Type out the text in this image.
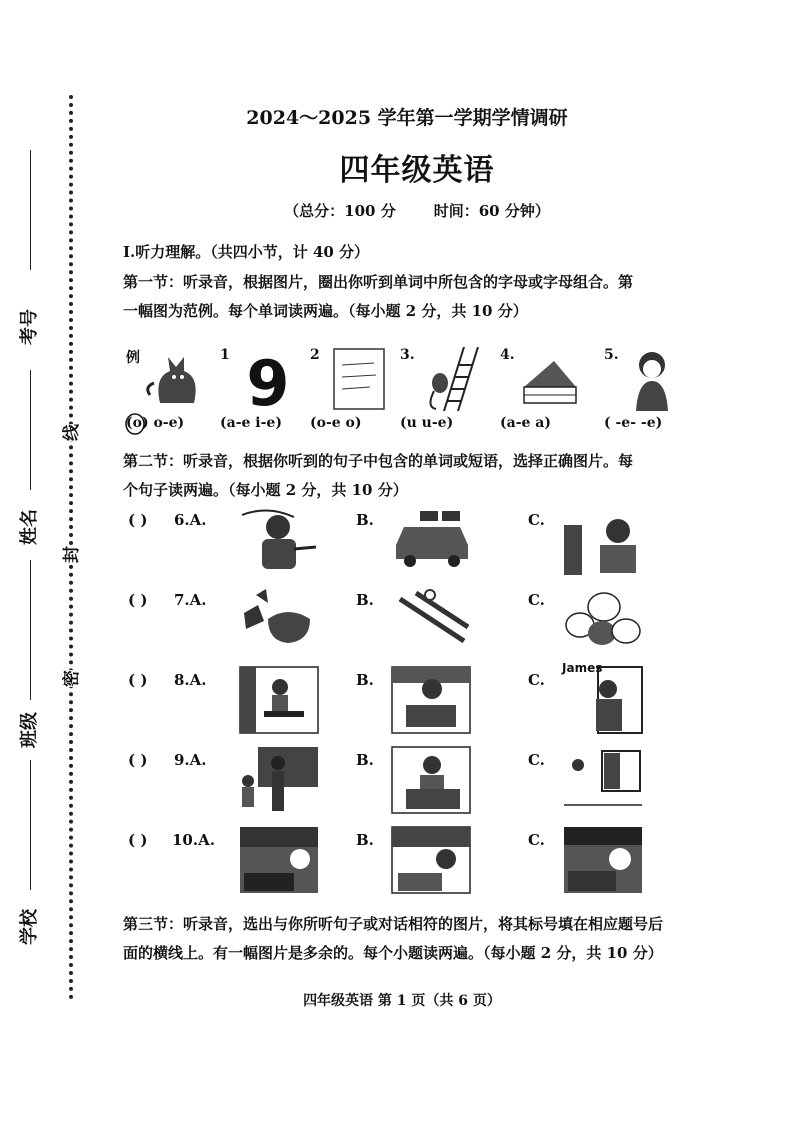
考号
姓名
班级
学校
线
封
密
2024～2025 学年第一学期学情调研
四年级英语
（总分：100 分	时间：60 分钟）
Ⅰ.听力理解。（共四小节，计 40 分）
第一节：听录音，根据图片，圈出你听到单词中所包含的字母或字母组合。第
一幅图为范例。每个单词读两遍。（每小题 2 分，共 10 分）
例
(o) o-e)
1 9
(a-e i-e)
2
(o-e o)
3.
(u u-e)
4.
(a-e a)
5.
( -e- -e)
第二节：听录音，根据你听到的句子中包含的单词或短语，选择正确图片。每
个句子读两遍。（每小题 2 分，共 10 分）
( ) 6.A.	B.	C.
( ) 7.A.	B.	C.
( ) 8.A.	B.	C.
James
( ) 9.A.	B.	C.
( ) 10.A.	B.	C.
第三节：听录音，选出与你所听句子或对话相符的图片，将其标号填在相应题号后
面的横线上。有一幅图片是多余的。每个小题读两遍。（每小题 2 分，共 10 分）
四年级英语 第 1 页（共 6 页）
